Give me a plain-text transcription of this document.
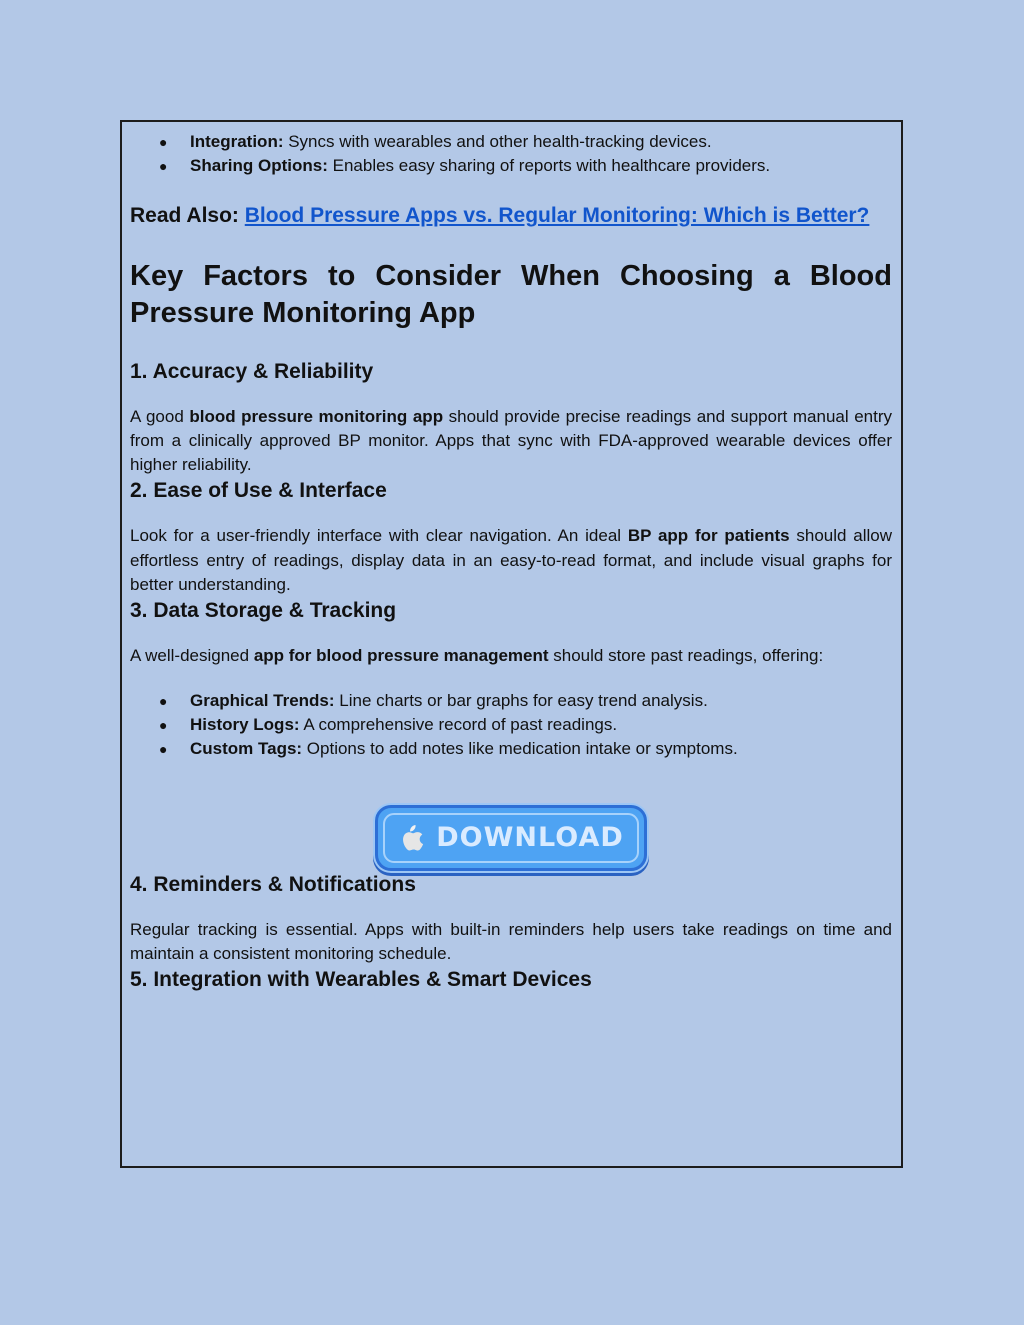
● Integration: Syncs with wearables and other health-tracking devices.
● Sharing Options: Enables easy sharing of reports with healthcare providers.

Read Also: Blood Pressure Apps vs. Regular Monitoring: Which is Better?

Key Factors to Consider When Choosing a Blood Pressure Monitoring App
1. Accuracy & Reliability

A good blood pressure monitoring app should provide precise readings and support manual entry from a clinically approved BP monitor. Apps that sync with FDA-approved wearable devices offer higher reliability.

2. Ease of Use & Interface

Look for a user-friendly interface with clear navigation. An ideal BP app for patients should allow effortless entry of readings, display data in an easy-to-read format, and include visual graphs for better understanding.

3. Data Storage & Tracking

A well-designed app for blood pressure management should store past readings, offering:

● Graphical Trends: Line charts or bar graphs for easy trend analysis.
● History Logs: A comprehensive record of past readings.
● Custom Tags: Options to add notes like medication intake or symptoms.
DOWNLOAD
4. Reminders & Notifications

Regular tracking is essential. Apps with built-in reminders help users take readings on time and maintain a consistent monitoring schedule.

5. Integration with Wearables & Smart Devices
